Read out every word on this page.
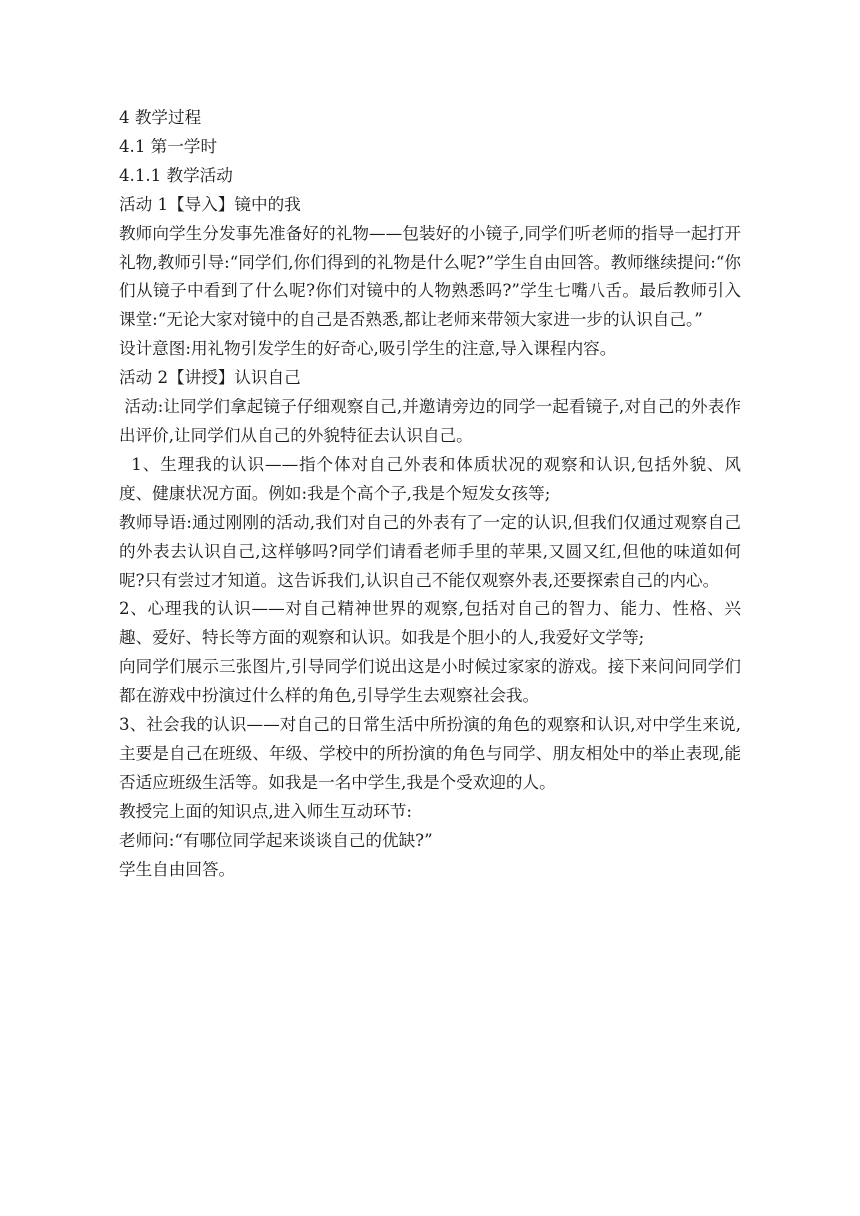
4 教学过程
4.1 第一学时
4.1.1 教学活动
活动 1【导入】镜中的我

教师向学生分发事先准备好的礼物——包装好的小镜子,同学们听老师的指导一起打开礼物,教师引导:“同学们,你们得到的礼物是什么呢?”学生自由回答。教师继续提问:“你们从镜子中看到了什么呢?你们对镜中的人物熟悉吗?”学生七嘴八舌。最后教师引入课堂:“无论大家对镜中的自己是否熟悉,都让老师来带领大家进一步的认识自己。”

设计意图:用礼物引发学生的好奇心,吸引学生的注意,导入课程内容。

活动 2【讲授】认识自己

活动:让同学们拿起镜子仔细观察自己,并邀请旁边的同学一起看镜子,对自己的外表作出评价,让同学们从自己的外貌特征去认识自己。

1、生理我的认识——指个体对自己外表和体质状况的观察和认识,包括外貌、风度、健康状况方面。例如:我是个高个子,我是个短发女孩等;

教师导语:通过刚刚的活动,我们对自己的外表有了一定的认识,但我们仅通过观察自己的外表去认识自己,这样够吗?同学们请看老师手里的苹果,又圆又红,但他的味道如何呢?只有尝过才知道。这告诉我们,认识自己不能仅观察外表,还要探索自己的内心。

2、心理我的认识——对自己精神世界的观察,包括对自己的智力、能力、性格、兴趣、爱好、特长等方面的观察和认识。如我是个胆小的人,我爱好文学等;

向同学们展示三张图片,引导同学们说出这是小时候过家家的游戏。接下来问问同学们都在游戏中扮演过什么样的角色,引导学生去观察社会我。

3、社会我的认识——对自己的日常生活中所扮演的角色的观察和认识,对中学生来说,主要是自己在班级、年级、学校中的所扮演的角色与同学、朋友相处中的举止表现,能否适应班级生活等。如我是一名中学生,我是个受欢迎的人。

教授完上面的知识点,进入师生互动环节:
老师问:“有哪位同学起来谈谈自己的优缺?”
学生自由回答。
